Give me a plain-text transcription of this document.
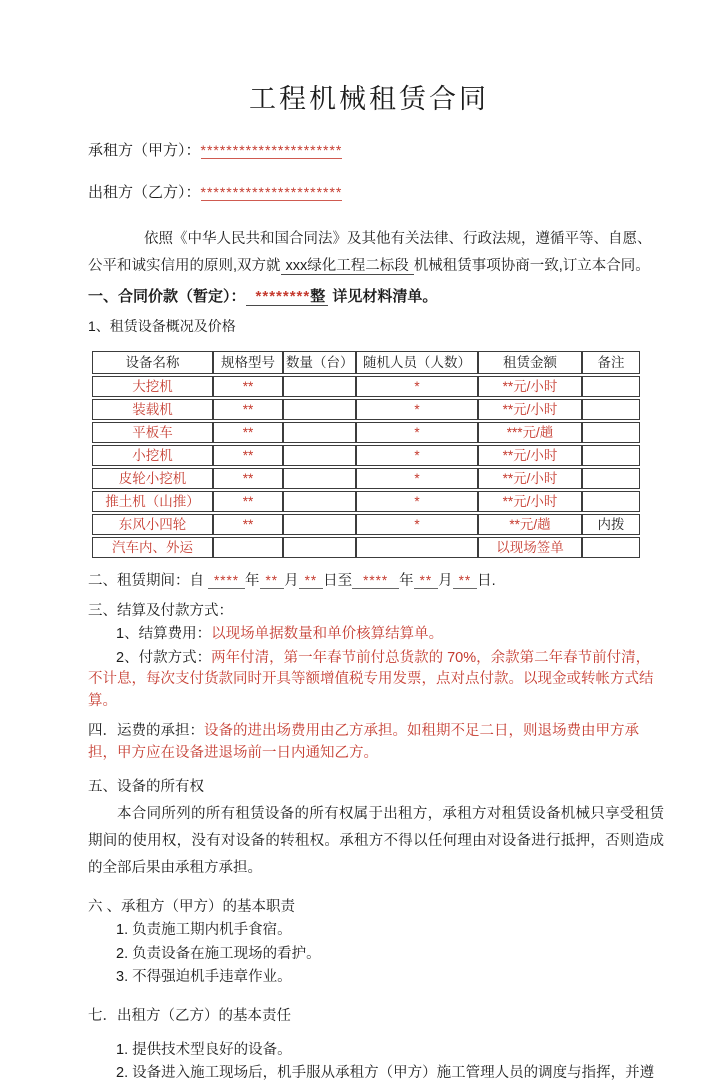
工程机械租赁合同
承租方（甲方）：**********************
出租方（乙方）：**********************

依照《中华人民共和国合同法》及其他有关法律、行政法规，遵循平等、自愿、公平和诚实信用的原则,双方就 xxx绿化工程二标段 机械租赁事项协商一致,订立本合同。

一、合同价款（暂定）： ********整 详见材料清单。
1、租赁设备概况及价格
设备名称	规格型号	数量（台）	随机人员（人数）	租赁金额	备注
大挖机	**		*	**元/小时	
装载机	**		*	**元/小时	
平板车	**		*	***元/趟	
小挖机	**		*	**元/小时	
皮轮小挖机	**		*	**元/小时	
推土机（山推）	**		*	**元/小时	
东风小四轮	**		*	**元/趟	内拨
汽车内、外运				以现场签单	
二、租赁期间：自 **** 年 ** 月 ** 日至 **** 年 ** 月 ** 日.
三、结算及付款方式：
1、结算费用：以现场单据数量和单价核算结算单。
2、付款方式：两年付清，第一年春节前付总货款的 70%，余款第二年春节前付清，不计息，每次支付货款同时开具等额增值税专用发票，点对点付款。以现金或转帐方式结算。
四．运费的承担：设备的进出场费用由乙方承担。如租期不足二日，则退场费由甲方承担，甲方应在设备进退场前一日内通知乙方。
五、设备的所有权

本合同所列的所有租赁设备的所有权属于出租方，承租方对租赁设备机械只享受租赁期间的使用权，没有对设备的转租权。承租方不得以任何理由对设备进行抵押，否则造成的全部后果由承租方承担。

六 、承租方（甲方）的基本职责
1. 负责施工期内机手食宿。
2. 负责设备在施工现场的看护。
3. 不得强迫机手违章作业。
七．出租方（乙方）的基本责任
1. 提供技术型良好的设备。
2. 设备进入施工现场后，机手服从承租方（甲方）施工管理人员的调度与指挥，并遵
